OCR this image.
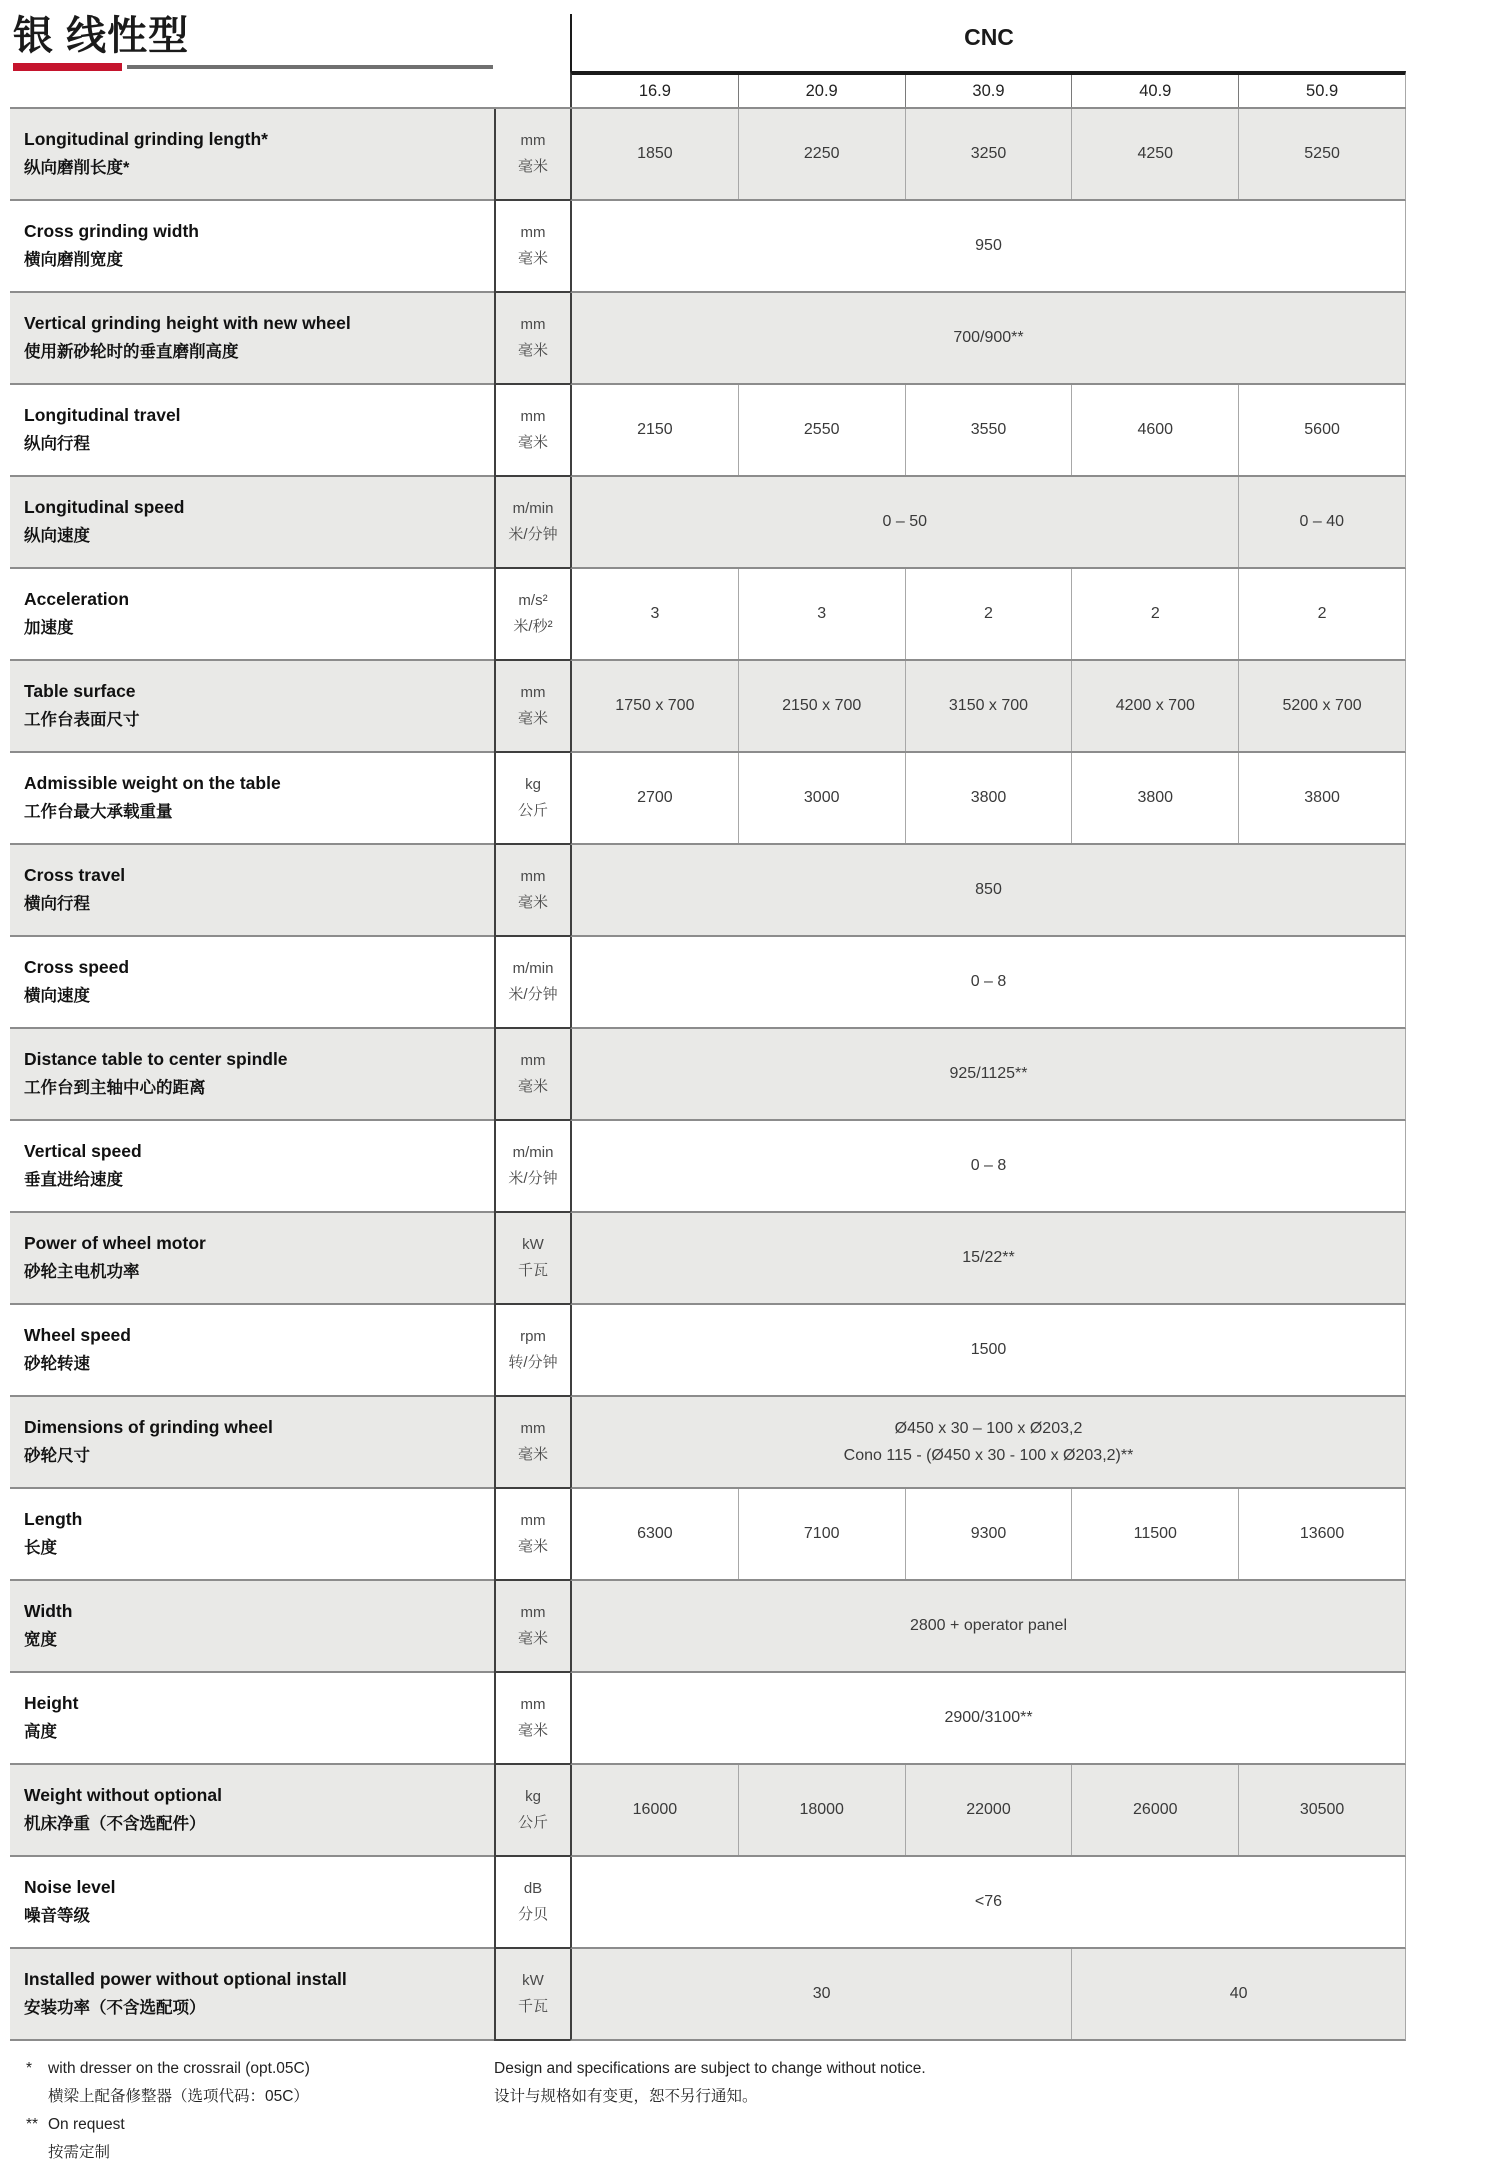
银 线性型	CNC
16.9	20.9	30.9	40.9	50.9
Longitudinal grinding length*
纵向磨削长度*
mm
毫米
1850	2250	3250	4250	5250
Cross grinding width
横向磨削宽度
mm
毫米
950
Vertical grinding height with new wheel
使用新砂轮时的垂直磨削高度
mm
毫米
700/900**
Longitudinal travel
纵向行程
mm
毫米
2150	2550	3550	4600	5600
Longitudinal speed
纵向速度
m/min
米/分钟
0 – 50	0 – 40
Acceleration
加速度
m/s²
米/秒²
3	3	2	2	2
Table surface
工作台表面尺寸
mm
毫米
1750 x 700	2150 x 700	3150 x 700	4200 x 700	5200 x 700
Admissible weight on the table
工作台最大承载重量
kg
公斤
2700	3000	3800	3800	3800
Cross travel
横向行程
mm
毫米
850
Cross speed
横向速度
m/min
米/分钟
0 – 8
Distance table to center spindle
工作台到主轴中心的距离
mm
毫米
925/1125**
Vertical speed
垂直进给速度
m/min
米/分钟
0 – 8
Power of wheel motor
砂轮主电机功率
kW
千瓦
15/22**
Wheel speed
砂轮转速
rpm
转/分钟
1500
Dimensions of grinding wheel
砂轮尺寸
mm
毫米
Ø450 x 30 – 100 x Ø203,2
Cono 115 - (Ø450 x 30 - 100 x Ø203,2)**
Length
长度
mm
毫米
6300	7100	9300	11500	13600
Width
宽度
mm
毫米
2800 + operator panel
Height
高度
mm
毫米
2900/3100**
Weight without optional
机床净重（不含选配件）
kg
公斤
16000	18000	22000	26000	30500
Noise level
噪音等级
dB
分贝
<76
Installed power without optional install
安装功率（不含选配项）
kW
千瓦
30	40
*	with dresser on the crossrail (opt.05C)
横梁上配备修整器（选项代码：05C）
** On request
按需定制
Design and specifications are subject to change without notice.
设计与规格如有变更，恕不另行通知。
